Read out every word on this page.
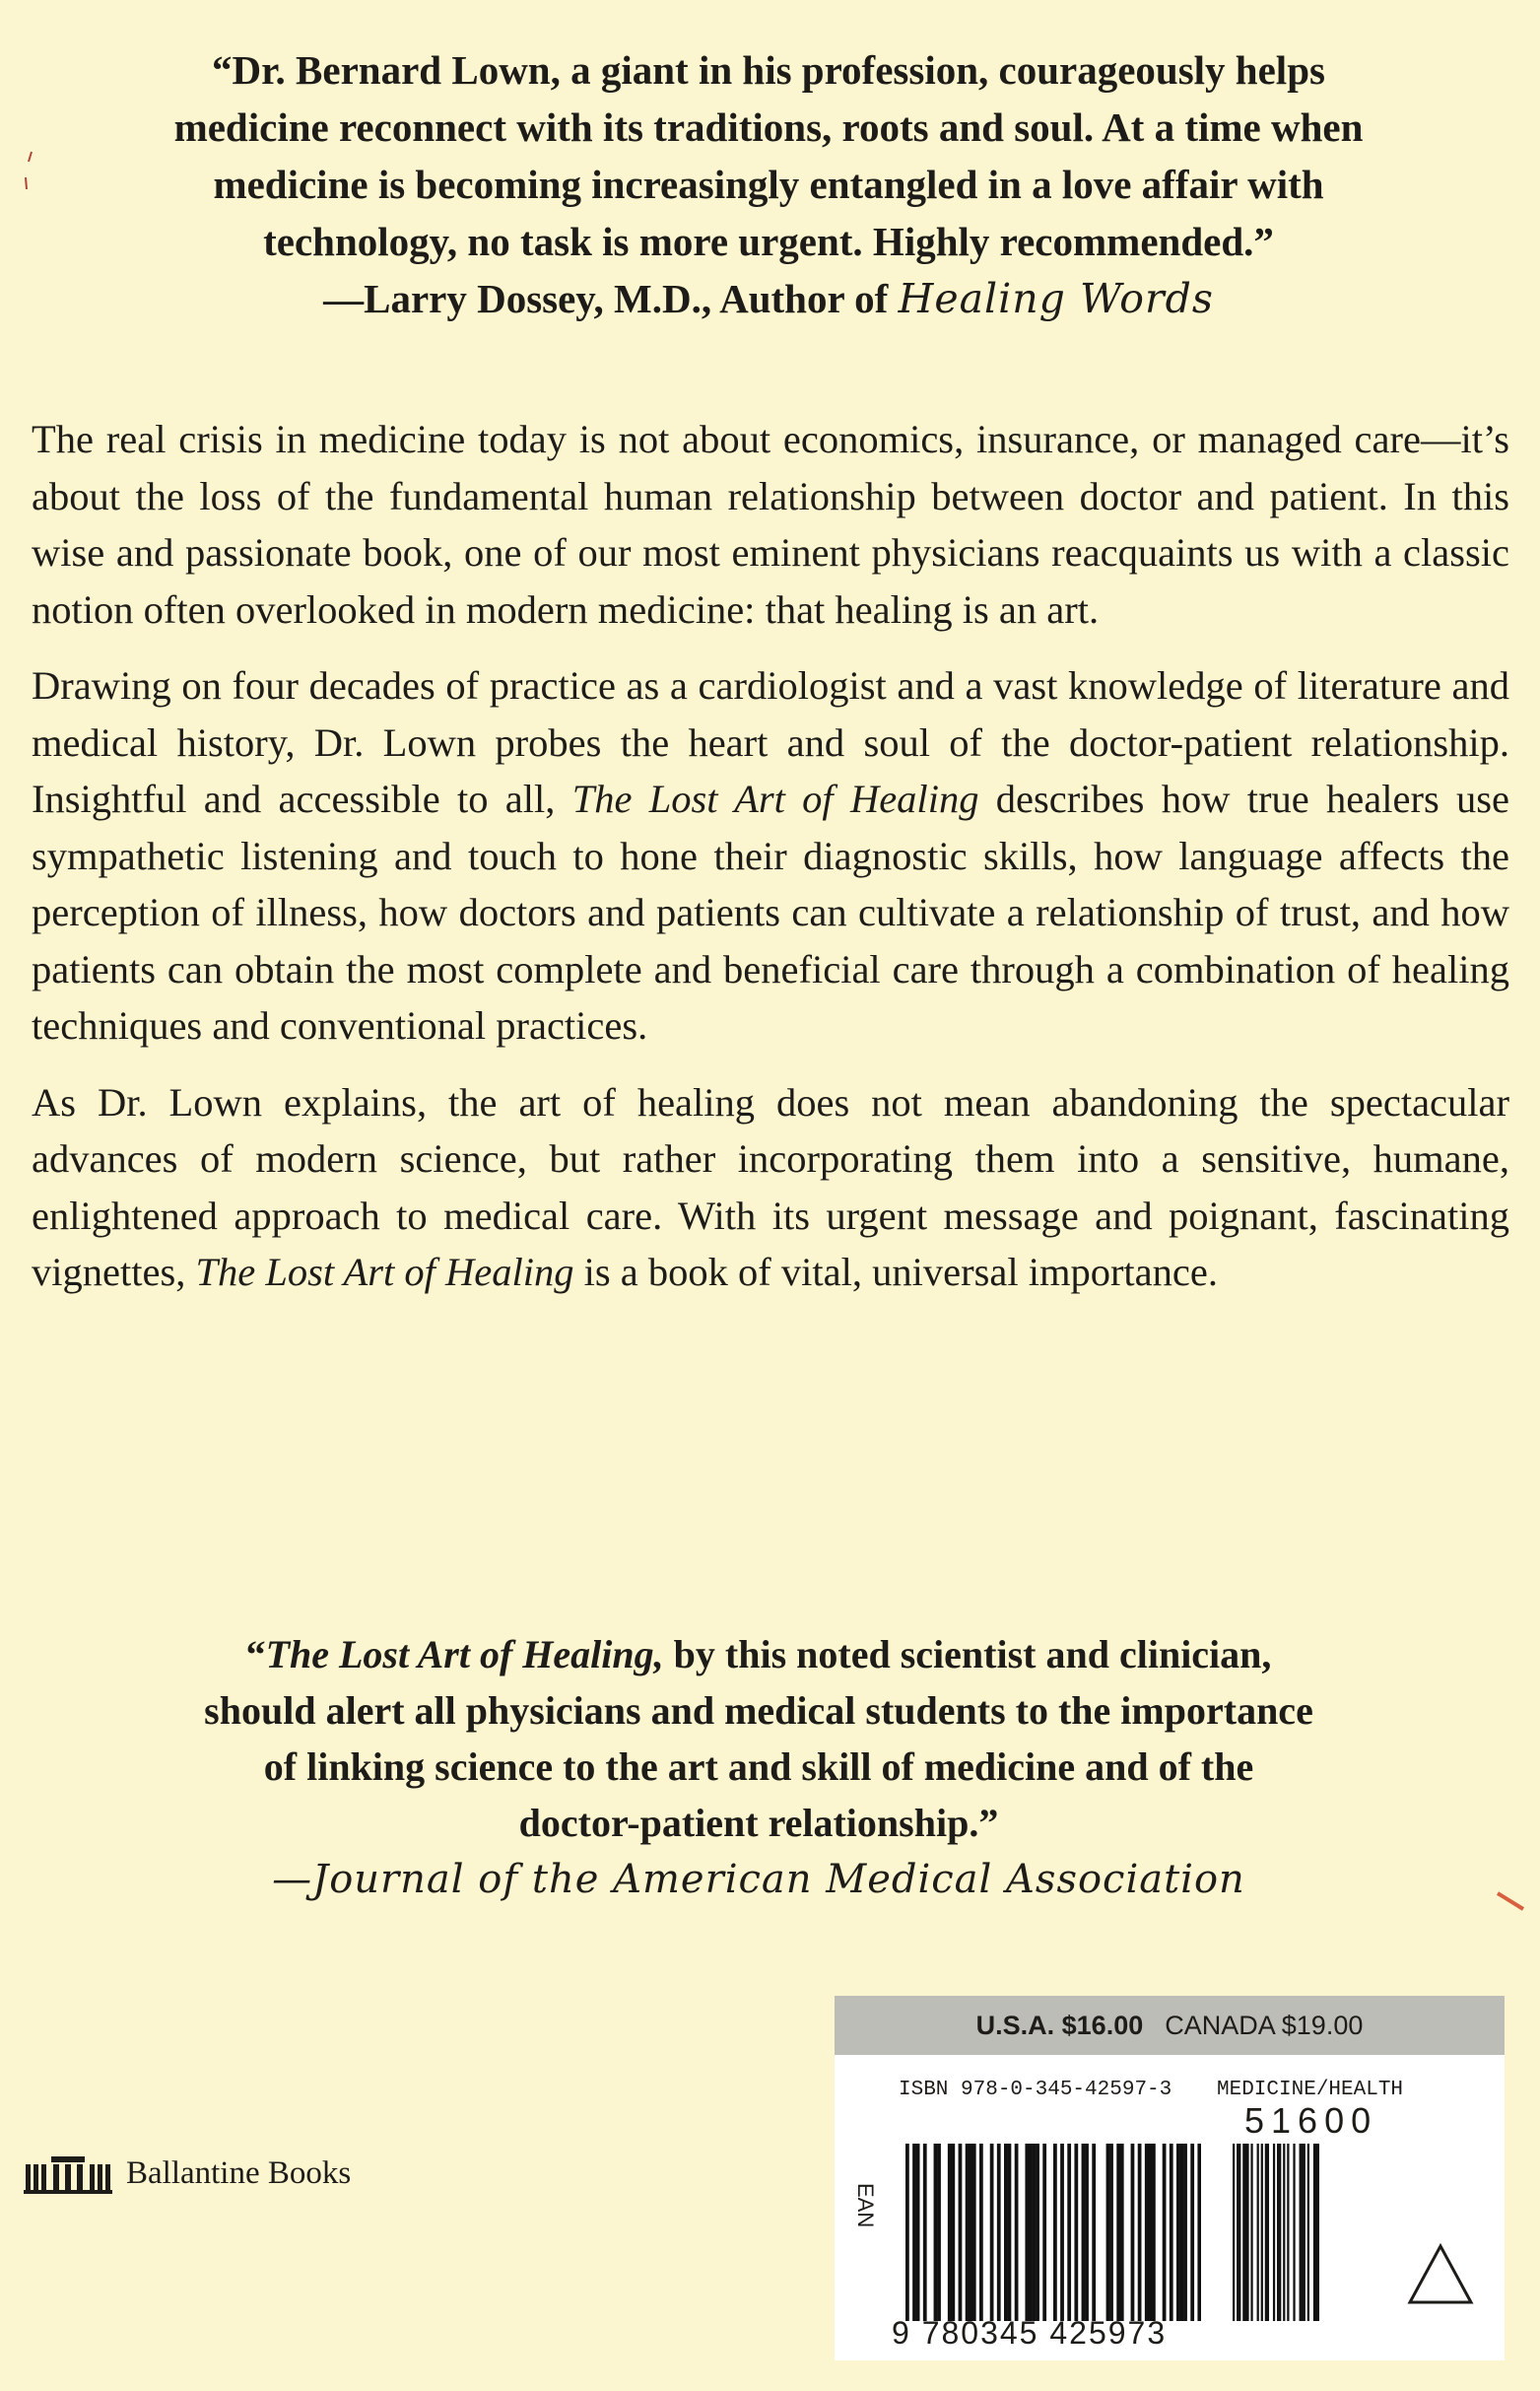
“Dr. Bernard Lown, a giant in his profession, courageously helps
medicine reconnect with its traditions, roots and soul. At a time when
medicine is becoming increasingly entangled in a love affair with
technology, no task is more urgent. Highly recommended.”
—Larry Dossey, M.D., Author of Healing Words

The real crisis in medicine today is not about economics, insurance, or managed care—it’s about the loss of the fundamental human relationship between doctor and patient. In this wise and passionate book, one of our most eminent physicians reacquaints us with a classic notion often overlooked in modern medicine: that healing is an art.

Drawing on four decades of practice as a cardiologist and a vast knowledge of literature and medical history, Dr. Lown probes the heart and soul of the doctor-patient relationship. Insightful and accessible to all, The Lost Art of Healing describes how true healers use sympathetic listening and touch to hone their diagnostic skills, how language affects the perception of illness, how doctors and patients can cultivate a relationship of trust, and how patients can obtain the most complete and beneficial care through a combination of healing techniques and conventional practices.

As Dr. Lown explains, the art of healing does not mean abandoning the spectacular advances of modern science, but rather incorporating them into a sensitive, humane, enlightened approach to medical care. With its urgent message and poignant, fascinating vignettes, The Lost Art of Healing is a book of vital, universal importance.

“The Lost Art of Healing, by this noted scientist and clinician,
should alert all physicians and medical students to the importance
of linking science to the art and skill of medicine and of the
doctor-patient relationship.”
—Journal of the American Medical Association
Ballantine Books
U.S.A. $16.00 CANADA $19.00
ISBN 978-0-345-42597-3 MEDICINE/HEALTH
51600
EAN
9 780345 425973
